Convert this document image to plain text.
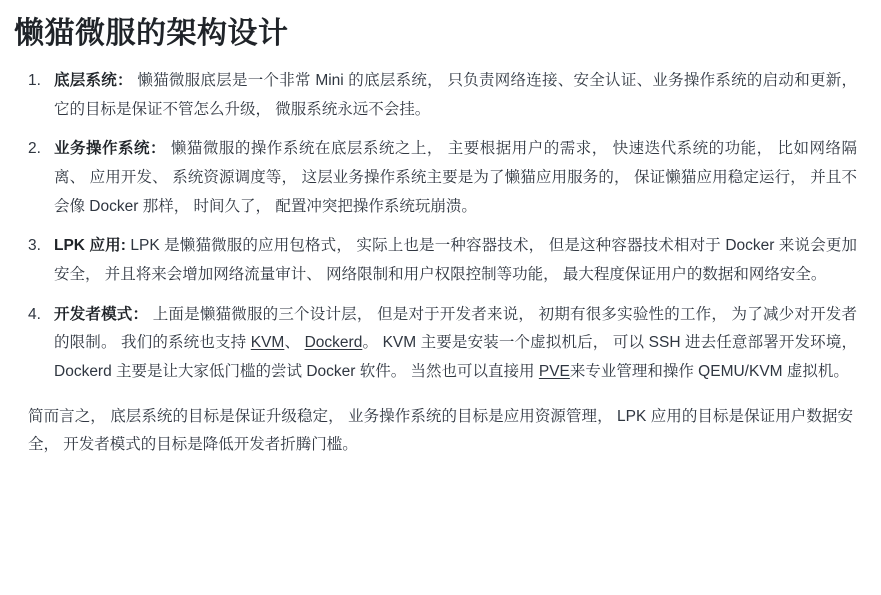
懒猫微服的架构设计
底层系统： 懒猫微服底层是一个非常 Mini 的底层系统， 只负责网络连接、安全认证、业务操作系统的启动和更新， 它的目标是保证不管怎么升级， 微服系统永远不会挂。
业务操作系统： 懒猫微服的操作系统在底层系统之上， 主要根据用户的需求， 快速迭代系统的功能， 比如网络隔离、 应用开发、 系统资源调度等， 这层业务操作系统主要是为了懒猫应用服务的， 保证懒猫应用稳定运行， 并且不会像 Docker 那样， 时间久了， 配置冲突把操作系统玩崩溃。
LPK 应用: LPK 是懒猫微服的应用包格式， 实际上也是一种容器技术， 但是这种容器技术相对于 Docker 来说会更加安全， 并且将来会增加网络流量审计、 网络限制和用户权限控制等功能， 最大程度保证用户的数据和网络安全。
开发者模式： 上面是懒猫微服的三个设计层， 但是对于开发者来说， 初期有很多实验性的工作， 为了减少对开发者的限制。 我们的系统也支持 KVM、 Dockerd。 KVM 主要是安装一个虚拟机后， 可以 SSH 进去任意部署开发环境， Dockerd 主要是让大家低门槛的尝试 Docker 软件。 当然也可以直接用 PVE来专业管理和操作 QEMU/KVM 虚拟机。

简而言之， 底层系统的目标是保证升级稳定， 业务操作系统的目标是应用资源管理， LPK 应用的目标是保证用户数据安全， 开发者模式的目标是降低开发者折腾门槛。
